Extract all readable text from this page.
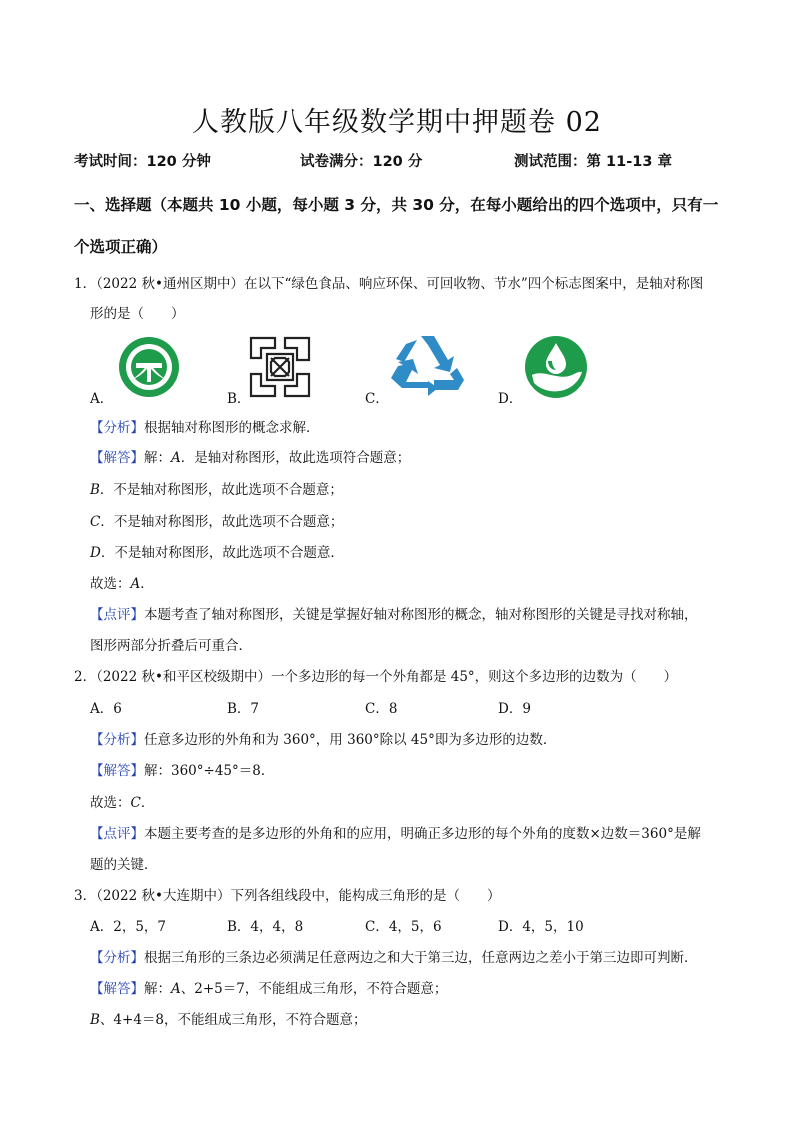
人教版八年级数学期中押题卷 02
考试时间：120 分钟	试卷满分：120 分	测试范围：第 11-13 章
一、选择题（本题共 10 小题，每小题 3 分，共 30 分，在每小题给出的四个选项中，只有一
个选项正确）
1．（2022 秋•通州区期中）在以下“绿色食品、响应环保、可回收物、节水”四个标志图案中，是轴对称图
形的是（　　）
A．	B．	C．	D．
【分析】根据轴对称图形的概念求解．
【解答】解：A．是轴对称图形，故此选项符合题意；
B．不是轴对称图形，故此选项不合题意；
C．不是轴对称图形，故此选项不合题意；
D．不是轴对称图形，故此选项不合题意．
故选：A．
【点评】本题考查了轴对称图形，关键是掌握好轴对称图形的概念，轴对称图形的关键是寻找对称轴，
图形两部分折叠后可重合．
2．（2022 秋•和平区校级期中）一个多边形的每一个外角都是 45°，则这个多边形的边数为（　　）
A．6	B．7	C．8	D．9
【分析】任意多边形的外角和为 360°，用 360°除以 45°即为多边形的边数．
【解答】解：360°÷45°＝8．
故选：C．
【点评】本题主要考查的是多边形的外角和的应用，明确正多边形的每个外角的度数×边数＝360°是解
题的关键．
3．（2022 秋•大连期中）下列各组线段中，能构成三角形的是（　　）
A．2，5，7	B．4，4，8	C．4，5，6	D．4，5，10
【分析】根据三角形的三条边必须满足任意两边之和大于第三边，任意两边之差小于第三边即可判断．
【解答】解：A、2+5＝7，不能组成三角形，不符合题意；
B、4+4＝8，不能组成三角形，不符合题意；
